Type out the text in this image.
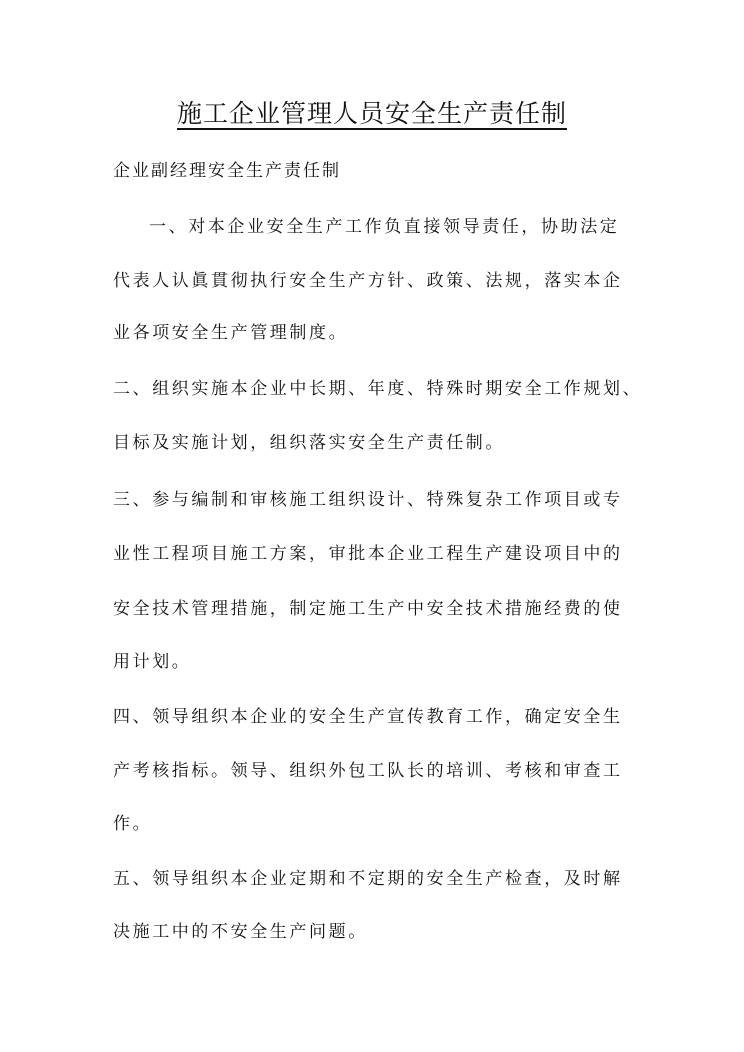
施工企业管理人员安全生产责任制
企业副经理安全生产责任制
一、对本企业安全生产工作负直接领导责任，协助法定
代表人认眞貫彻执行安全生产方针、政策、法规，落实本企
业各项安全生产管理制度。
二、组织实施本企业中长期、年度、特殊时期安全工作规划、
目标及实施计划，组织落实安全生产责任制。
三、参与编制和审核施工组织设计、特殊复杂工作项目或专
业性工程项目施工方案，审批本企业工程生产建设项目中的
安全技术管理措施，制定施工生产中安全技术措施经费的使
用计划。
四、领导组织本企业的安全生产宣传教育工作，确定安全生
产考核指标。领导、组织外包工队长的培训、考核和审查工
作。
五、领导组织本企业定期和不定期的安全生产检查，及时解
决施工中的不安全生产问题。
